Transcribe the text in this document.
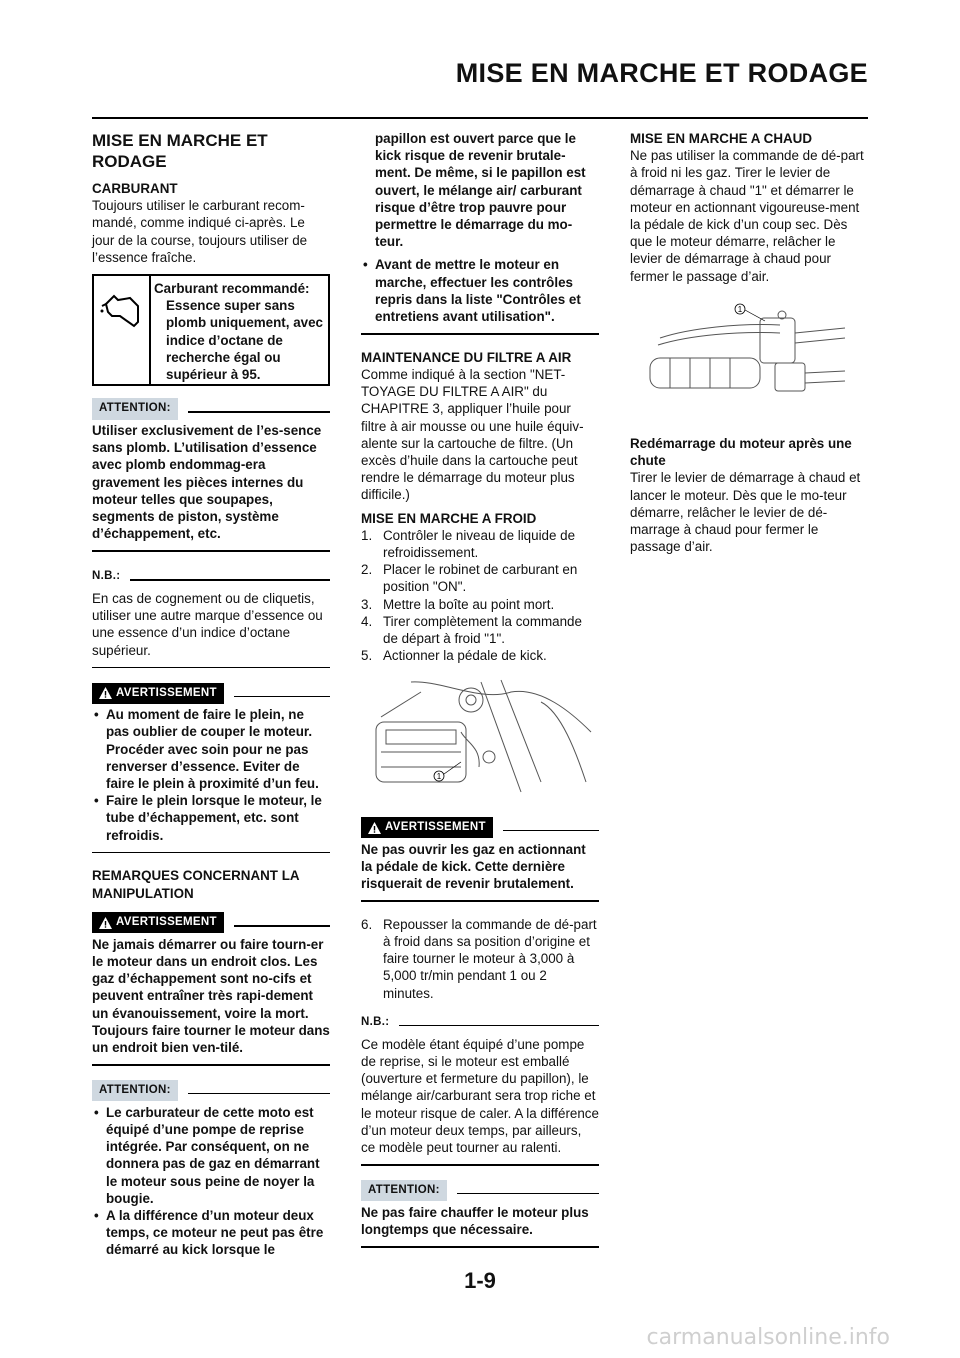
MISE EN MARCHE ET RODAGE
MISE EN MARCHE ET RODAGE
CARBURANT

Toujours utiliser le carburant recom-mandé, comme indiqué ci-après. Le jour de la course, toujours utiliser de l’essence fraîche.

Carburant recommandé:
Essence super sans plomb uniquement, avec indice d’octane de recherche égal ou supérieur à 95.
ATTENTION:

Utiliser exclusivement de l’es-sence sans plomb. L’utilisation d’essence avec plomb endommag-era gravement les pièces internes du moteur telles que soupapes, segments de piston, système d’échappement, etc.

N.B.:

En cas de cognement ou de cliquetis, utiliser une autre marque d’essence ou une essence d’un indice d’octane supérieur.

AVERTISSEMENT
• Au moment de faire le plein, ne pas oublier de couper le moteur. Procéder avec soin pour ne pas renverser d’essence. Eviter de faire le plein à proximité d’un feu.
• Faire le plein lorsque le moteur, le tube d’échappement, etc. sont refroidis.
REMARQUES CONCERNANT LA MANIPULATION
AVERTISSEMENT

Ne jamais démarrer ou faire tourn-er le moteur dans un endroit clos. Les gaz d’échappement sont no-cifs et peuvent entraîner très rapi-dement un évanouissement, voire la mort. Toujours faire tourner le moteur dans un endroit bien ven-tilé.

ATTENTION:
• Le carburateur de cette moto est équipé d’une pompe de reprise intégrée. Par conséquent, on ne donnera pas de gaz en démarrant le moteur sous peine de noyer la bougie.
• A la différence d’un moteur deux temps, ce moteur ne peut pas être démarré au kick lorsque le

papillon est ouvert parce que le kick risque de revenir brutale-ment. De même, si le papillon est ouvert, le mélange air/ carburant risque d’être trop pauvre pour permettre le démarrage du mo-teur.

• Avant de mettre le moteur en marche, effectuer les contrôles repris dans la liste "Contrôles et entretiens avant utilisation".
MAINTENANCE DU FILTRE A AIR

Comme indiqué à la section "NET-TOYAGE DU FILTRE A AIR" du CHAPITRE 3, appliquer l’huile pour filtre à air mousse ou une huile équiv-alente sur la cartouche de filtre. (Un excès d’huile dans la cartouche peut rendre le démarrage du moteur plus difficile.)

MISE EN MARCHE A FROID
1. Contrôler le niveau de liquide de refroidissement.
2. Placer le robinet de carburant en position "ON".
3. Mettre la boîte au point mort.
4. Tirer complètement la commande de départ à froid "1".
5. Actionner la pédale de kick.
1
AVERTISSEMENT

Ne pas ouvrir les gaz en actionnant la pédale de kick. Cette dernière risquerait de revenir brutalement.

6. Repousser la commande de dé-part à froid dans sa position d’origine et faire tourner le moteur à 3,000 à 5,000 tr/min pendant 1 ou 2 minutes.
N.B.:

Ce modèle étant équipé d’une pompe de reprise, si le moteur est emballé (ouverture et fermeture du papillon), le mélange air/carburant sera trop riche et le moteur risque de caler. A la différence d’un moteur deux temps, par ailleurs, ce modèle peut tourner au ralenti.

ATTENTION:

Ne pas faire chauffer le moteur plus longtemps que nécessaire.

MISE EN MARCHE A CHAUD

Ne pas utiliser la commande de dé-part à froid ni les gaz. Tirer le levier de démarrage à chaud "1" et démarrer le moteur en actionnant vigoureuse-ment la pédale de kick d’un coup sec. Dès que le moteur démarre, relâcher le levier de démarrage à chaud pour fermer le passage d’air.

1
Redémarrage du moteur après une chute

Tirer le levier de démarrage à chaud et lancer le moteur. Dès que le mo-teur démarre, relâcher le levier de dé-marrage à chaud pour fermer le passage d’air.

1-9
carmanualsonline.info
